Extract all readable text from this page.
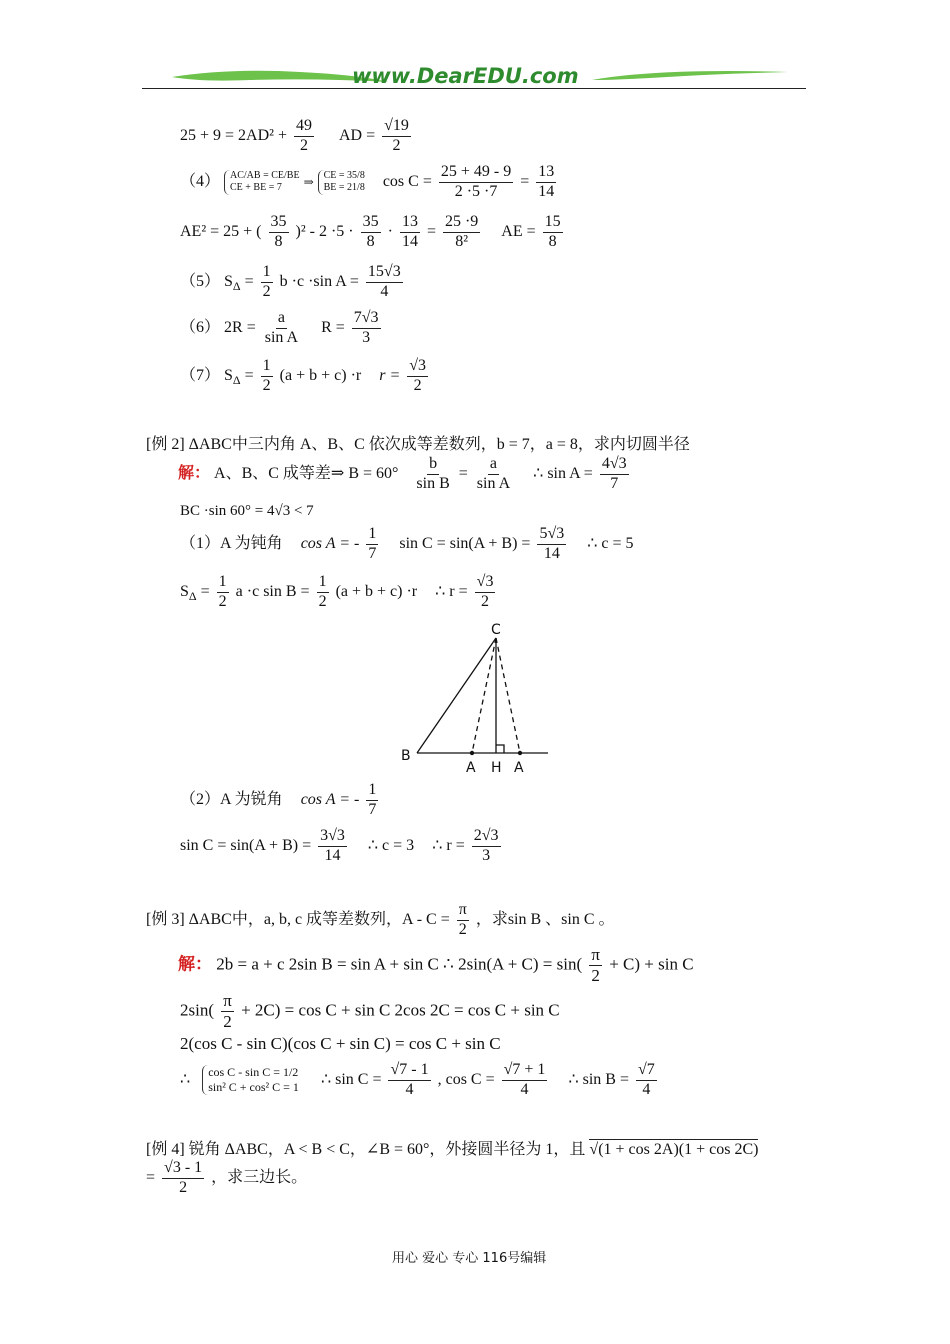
www.DearEDU.com
$25 + 9 = 2AD^2 + \frac{49}{2}$ AD = $\frac{√19}{2}$
（4） AC/AB = CE/BE
CE + BE = 7	⇒ CE = 35/8
BE = 21/8 $\cos C = \frac{25 + 49 - 9}{2 \cdot 5 \cdot 7} = \frac{13}{14}$
AE² = 25 + ( $\frac{35}{8} )^2 - 2 \cdot 5 \cdot \frac{35}{8} \cdot \frac{13}{14} = \frac{25 \cdot 9}{\text{8²}}$ AE = $\frac{15}{8}$
（5） $S_\Delta = \frac{1}{2}$ b ·c ·sin $A = \frac{15√3}{4}$
（6） $2R = \frac{a}{\text{sin A}}$ $R = \frac{7√3}{3}$
（7） $S_\Delta = \frac{1}{2} (a + b + c) \cdot r$ $r = \frac{√3}{2}$
[例 2] ΔABC中三内角 A、B、C 依次成等差数列，b = 7，a = 8，求内切圆半径
解： A、B、C 成等差⇒ $B = 60^\circ \frac{b}{\text{sin B}} = \frac{a}{\text{sin A}}$ ∴ $\sin A = \frac{4√3}{7}$
BC ·sin 60° = 4√3 < 7
（1）A 为钝角 cos A = - $\frac{1}{7}$ $\sin C = \sin(A + B) = \frac{5√3}{14}$ ∴ c = 5
$S_\Delta = \frac{1}{2}$ a ·c $\sin B = \frac{1}{2} (a + b + c) \cdot r$ ∴ $r = \frac{√3}{2}$
C
B
A H A
（2）A 为锐角 cos A = - $\frac{1}{7}$
$\sin C = \sin(A + B) = \frac{3√3}{14}$ ∴ c = 3 ∴ $r = \frac{2√3}{3}$
[例 3] ΔABC中，a, b, c 成等差数列，$A - C = \frac{\pi}{2}$ ，求sin B 、sin C 。
解： 2b = a + c 2sin B = sin A + sin C ∴ $2\sin(A + C) = \sin( \frac{\pi}{2} + C) + \sin C$
$2\sin( \frac{\pi}{2} + 2C) = \cos C + \sin C$ 2cos 2C = cos C + sin C
2(cos C - sin C)(cos C + sin C) = cos C + sin C
∴ cos C - sin C = 1/2
sin² C + cos² C = 1 ∴ $\sin C = \frac{√7 - 1}{4}$ , $\cos C = \frac{√7 + 1}{4}$ ∴ $\sin B = \frac{√7}{4}$
[例 4] 锐角 ΔABC，A < B < C，∠B = 60°，外接圆半径为 1，且 √(1 + cos 2A)(1 + cos 2C)
= $\frac{√3 - 1}{2}$ ，求三边长。
用心 爱心 专心 116号编辑
